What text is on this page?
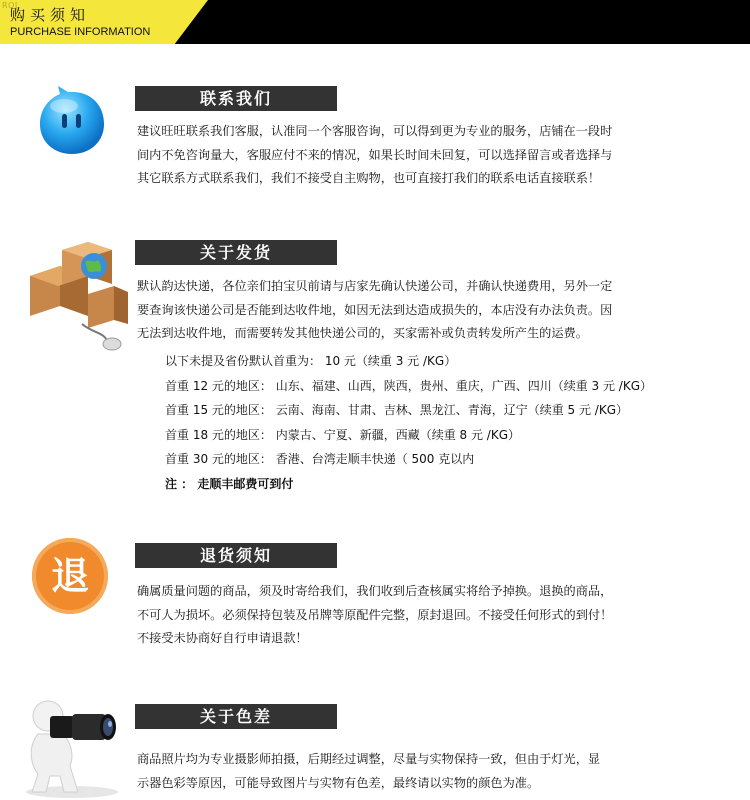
RQL
购买须知
PURCHASE INFORMATION
联系我们

建议旺旺联系我们客服，认准同一个客服咨询，可以得到更为专业的服务，店铺在一段时

间内不免咨询量大，客服应付不来的情况，如果长时间未回复，可以选择留言或者选择与

其它联系方式联系我们，我们不接受自主购物，也可直接打我们的联系电话直接联系！

关于发货

默认韵达快递，各位亲们拍宝贝前请与店家先确认快递公司，并确认快递费用，另外一定

要查询该快递公司是否能到达收件地，如因无法到达造成损失的，本店没有办法负责。因

无法到达收件地，而需要转发其他快递公司的，买家需补或负责转发所产生的运费。

以下未提及省份默认首重为： 10 元（续重 3 元 /KG）

首重 12 元的地区： 山东、福建、山西，陕西，贵州、重庆，广西、四川（续重 3 元 /KG）

首重 15 元的地区： 云南、海南、甘肃、吉林、黑龙江、青海，辽宁（续重 5 元 /KG）

首重 18 元的地区： 内蒙古、宁夏、新疆，西藏（续重 8 元 /KG）

首重 30 元的地区： 香港、台湾走顺丰快递（ 500 克以内

注 ： 走顺丰邮费可到付

退	退货须知

确属质量问题的商品，须及时寄给我们，我们收到后查核属实将给予掉换。退换的商品，

不可人为损坏。必须保持包装及吊牌等原配件完整，原封退回。不接受任何形式的到付！

不接受未协商好自行申请退款！

关于色差

商品照片均为专业摄影师拍摄，后期经过调整，尽量与实物保持一致，但由于灯光，显

示器色彩等原因，可能导致图片与实物有色差，最终请以实物的颜色为准。
